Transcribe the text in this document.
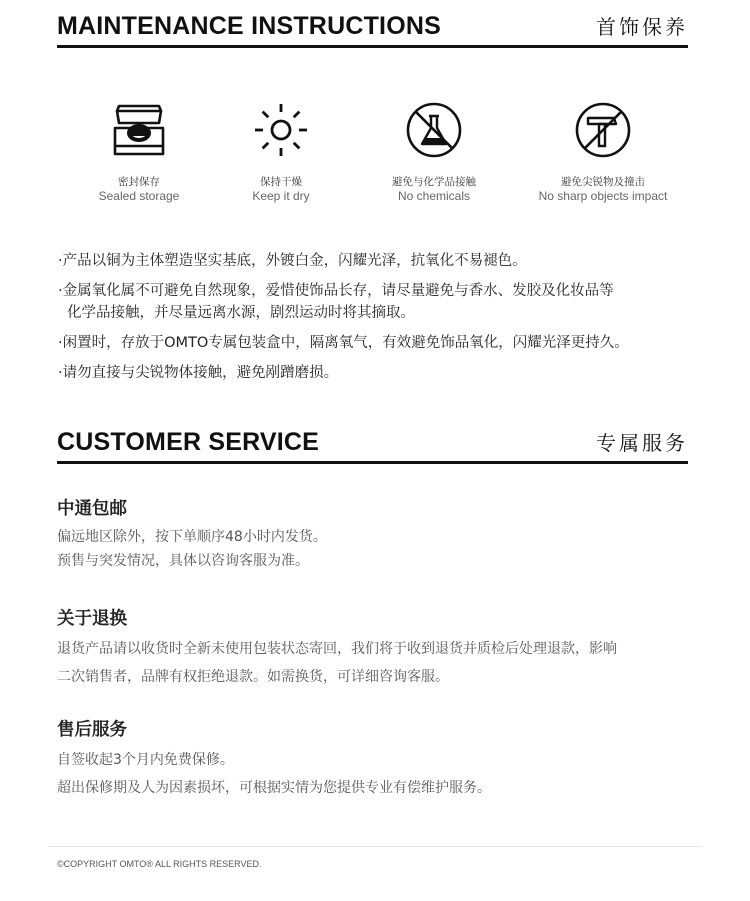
MAINTENANCE INSTRUCTIONS	首饰保养
密封保存
Sealed storage
保持干燥
Keep it dry
避免与化学品接触
No chemicals
避免尖锐物及撞击
No sharp objects impact
·产品以铜为主体塑造坚实基底，外镀白金，闪耀光泽，抗氧化不易褪色。
·金属氧化属不可避免自然现象，爱惜使饰品长存，请尽量避免与香水、发胶及化妆品等
化学品接触，并尽量远离水源，剧烈运动时将其摘取。
·闲置时，存放于OMTO专属包装盒中，隔离氧气，有效避免饰品氧化，闪耀光泽更持久。
·请勿直接与尖锐物体接触，避免剐蹭磨损。
CUSTOMER SERVICE	专属服务
中通包邮

偏远地区除外，按下单顺序48小时内发货。

预售与突发情况，具体以咨询客服为准。

关于退换

退货产品请以收货时全新未使用包装状态寄回，我们将于收到退货并质检后处理退款，影响

二次销售者，品牌有权拒绝退款。如需换货，可详细咨询客服。

售后服务

自签收起3个月内免费保修。

超出保修期及人为因素损坏，可根据实情为您提供专业有偿维护服务。

©COPYRIGHT OMTO® ALL RIGHTS RESERVED.
